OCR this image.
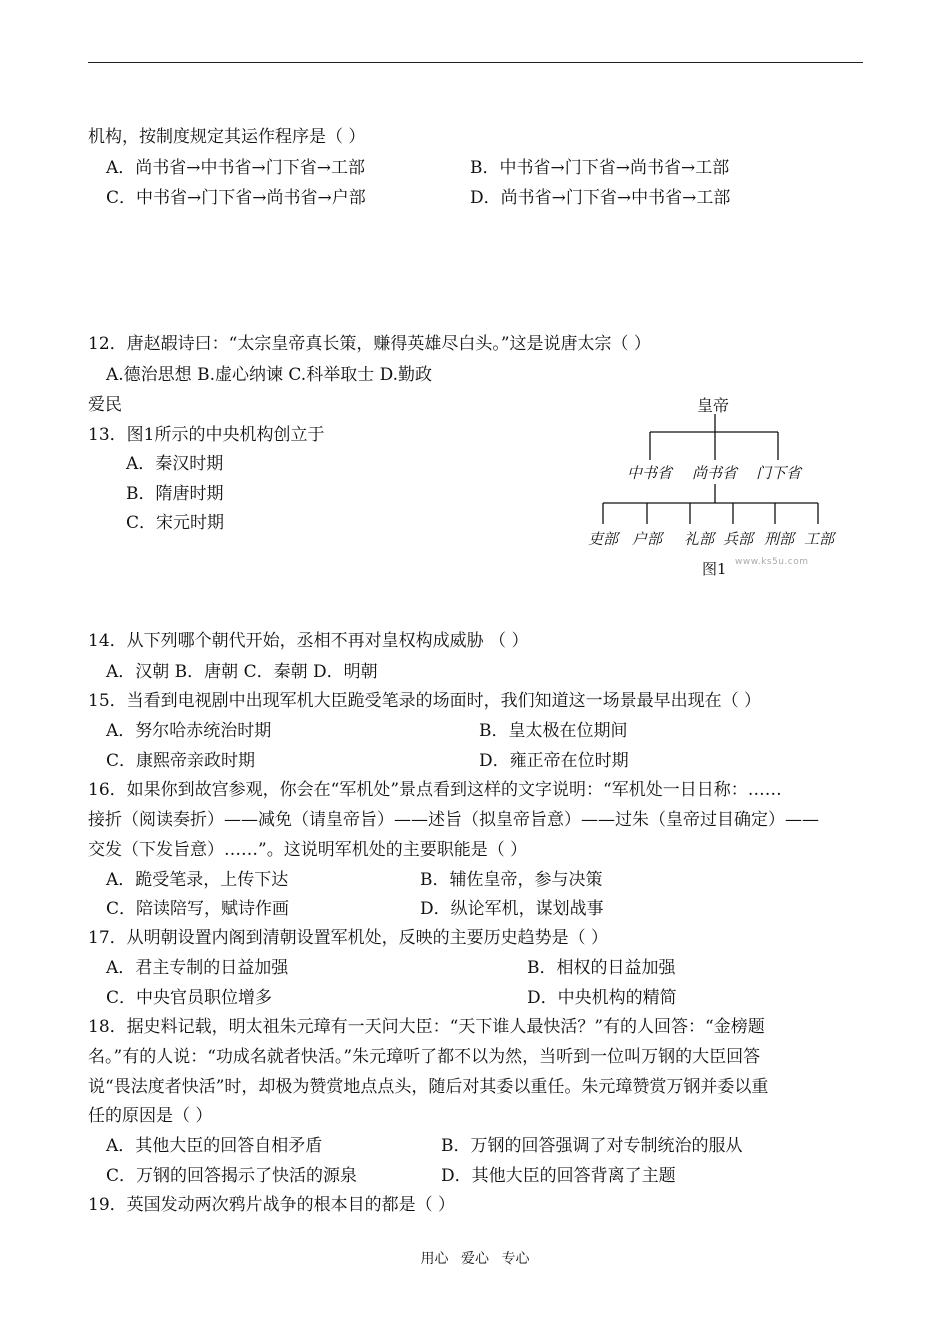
机构，按制度规定其运作程序是（ ）
A．尚书省→中书省→门下省→工部	B．中书省→门下省→尚书省→工部
C．中书省→门下省→尚书省→户部	D．尚书省→门下省→中书省→工部
12．唐赵嘏诗曰：“太宗皇帝真长策，赚得英雄尽白头。”这是说唐太宗（ ）
A.德治思想 B.虚心纳谏 C.科举取士 D.勤政
爱民
13．图1所示的中央机构创立于
A．秦汉时期
B．隋唐时期
C．宋元时期
皇帝
中书省 尚书省 门下省
吏部 户部 礼部 兵部 刑部 工部
图1 www.ks5u.com
14．从下列哪个朝代开始，丞相不再对皇权构成威胁 （ ）
A．汉朝 B．唐朝 C．秦朝 D．明朝
15．当看到电视剧中出现军机大臣跪受笔录的场面时，我们知道这一场景最早出现在（ ）
A．努尔哈赤统治时期	B．皇太极在位期间
C．康熙帝亲政时期	D．雍正帝在位时期
16．如果你到故宫参观，你会在“军机处”景点看到这样的文字说明：“军机处一日日称：……
接折（阅读奏折）——减免（请皇帝旨）——述旨（拟皇帝旨意）——过朱（皇帝过目确定）——
交发（下发旨意）……”。这说明军机处的主要职能是（ ）
A．跪受笔录，上传下达	B．辅佐皇帝，参与决策
C．陪读陪写，赋诗作画	D．纵论军机，谋划战事
17．从明朝设置内阁到清朝设置军机处，反映的主要历史趋势是（ ）
A．君主专制的日益加强	B．相权的日益加强
C．中央官员职位增多	D．中央机构的精简
18．据史料记载，明太祖朱元璋有一天问大臣：“天下谁人最快活？”有的人回答：“金榜题
名。”有的人说：“功成名就者快活。”朱元璋听了都不以为然，当听到一位叫万钢的大臣回答
说“畏法度者快活”时，却极为赞赏地点点头，随后对其委以重任。朱元璋赞赏万钢并委以重
任的原因是（ ）
A．其他大臣的回答自相矛盾	B．万钢的回答强调了对专制统治的服从
C．万钢的回答揭示了快活的源泉	D．其他大臣的回答背离了主题
19．英国发动两次鸦片战争的根本目的都是（ ）
用心 爱心 专心
